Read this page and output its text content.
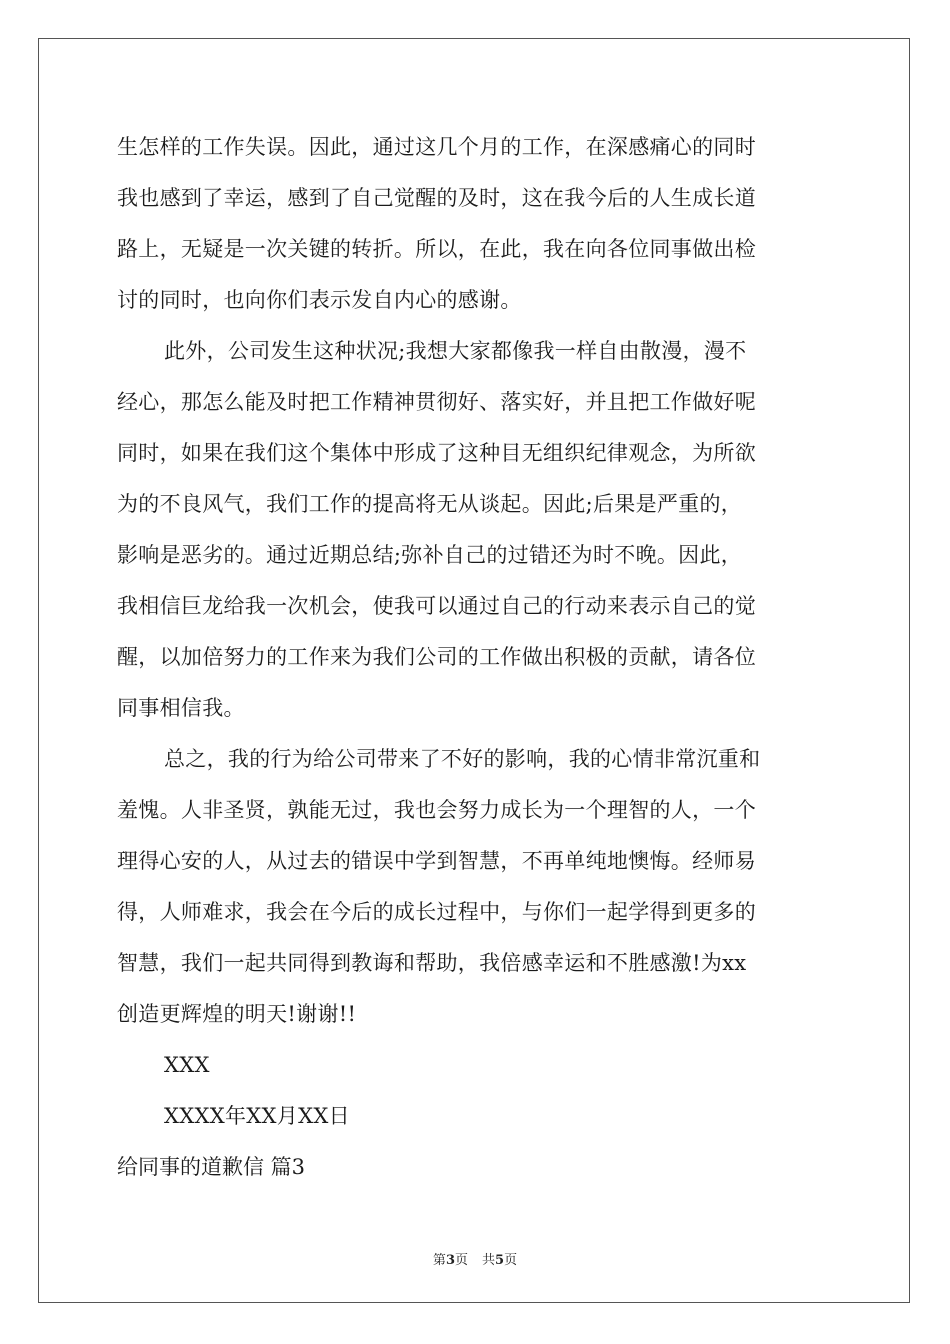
生怎样的工作失误。因此，通过这几个月的工作，在深感痛心的同时
我也感到了幸运，感到了自己觉醒的及时，这在我今后的人生成长道
路上，无疑是一次关键的转折。所以，在此，我在向各位同事做出检
讨的同时，也向你们表示发自内心的感谢。
此外，公司发生这种状况;我想大家都像我一样自由散漫，漫不
经心，那怎么能及时把工作精神贯彻好、落实好，并且把工作做好呢
同时，如果在我们这个集体中形成了这种目无组织纪律观念，为所欲
为的不良风气，我们工作的提高将无从谈起。因此;后果是严重的，
影响是恶劣的。通过近期总结;弥补自己的过错还为时不晚。因此，
我相信巨龙给我一次机会，使我可以通过自己的行动来表示自己的觉
醒，以加倍努力的工作来为我们公司的工作做出积极的贡献，请各位
同事相信我。
总之，我的行为给公司带来了不好的影响，我的心情非常沉重和
羞愧。人非圣贤，孰能无过，我也会努力成长为一个理智的人，一个
理得心安的人，从过去的错误中学到智慧，不再单纯地懊悔。经师易
得，人师难求，我会在今后的成长过程中，与你们一起学得到更多的
智慧，我们一起共同得到教诲和帮助，我倍感幸运和不胜感激!为xx
创造更辉煌的明天!谢谢!!
XXX
XXXX年XX月XX日
给同事的道歉信 篇3
第3页 共5页
